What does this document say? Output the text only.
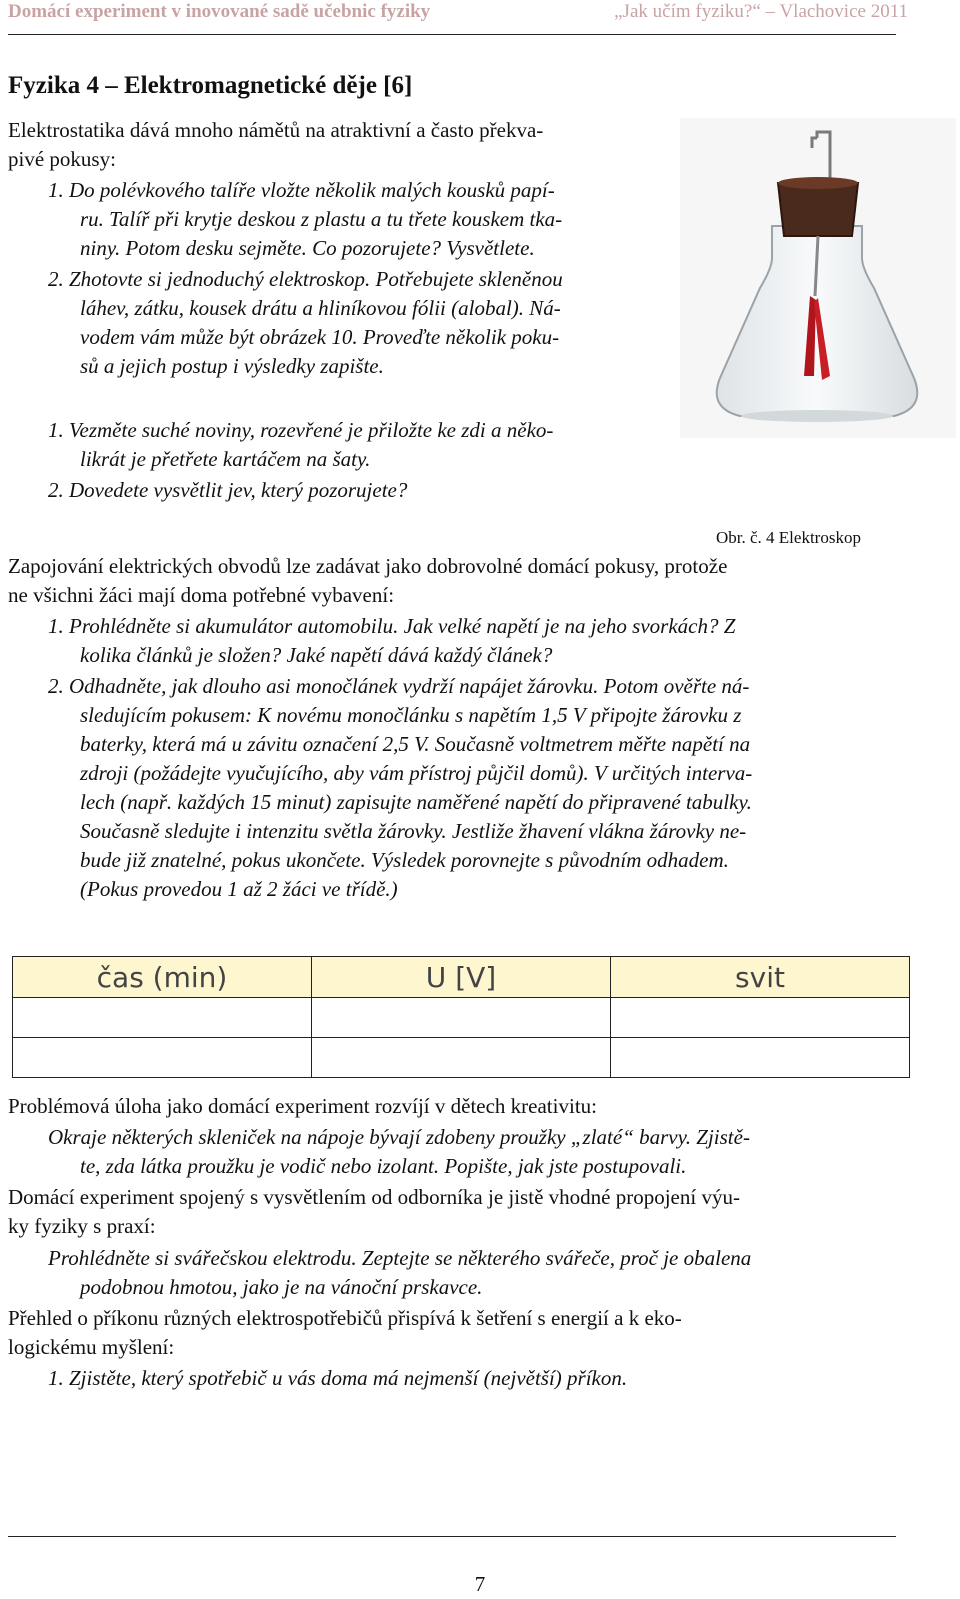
Domácí experiment v inovované sadě učebnic fyziky	„Jak učím fyziku?“ – Vlachovice 2011
Fyzika 4 – Elektromagnetické děje [6]
Elektrostatika dává mnoho námětů na atraktivní a často překva-
pivé pokusy:
1. Do polévkového talíře vložte několik malých kousků papí-
ru. Talíř při krytje deskou z plastu a tu třete kouskem tka-
niny. Potom desku sejměte. Co pozorujete? Vysvětlete.
2. Zhotovte si jednoduchý elektroskop. Potřebujete skleněnou
láhev, zátku, kousek drátu a hliníkovou fólii (alobal). Ná-
vodem vám může být obrázek 10. Proveďte několik poku-
sů a jejich postup i výsledky zapište.
1. Vezměte suché noviny, rozevřené je přiložte ke zdi a něko-
likrát je přetřete kartáčem na šaty.
2. Dovedete vysvětlit jev, který pozorujete?
Obr. č. 4 Elektroskop
Zapojování elektrických obvodů lze zadávat jako dobrovolné domácí pokusy, protože
ne všichni žáci mají doma potřebné vybavení:
1. Prohlédněte si akumulátor automobilu. Jak velké napětí je na jeho svorkách? Z
kolika článků je složen? Jaké napětí dává každý článek?
2. Odhadněte, jak dlouho asi monočlánek vydrží napájet žárovku. Potom ověřte ná-
sledujícím pokusem: K novému monočlánku s napětím 1,5 V připojte žárovku z
baterky, která má u závitu označení 2,5 V. Současně voltmetrem měřte napětí na
zdroji (požádejte vyučujícího, aby vám přístroj půjčil domů). V určitých interva-
lech (např. každých 15 minut) zapisujte naměřené napětí do připravené tabulky.
Současně sledujte i intenzitu světla žárovky. Jestliže žhavení vlákna žárovky ne-
bude již znatelné, pokus ukončete. Výsledek porovnejte s původním odhadem.
(Pokus provedou 1 až 2 žáci ve třídě.)
čas (min)	U [V]	svit

Problémová úloha jako domácí experiment rozvíjí v dětech kreativitu:
Okraje některých skleniček na nápoje bývají zdobeny proužky „zlaté“ barvy. Zjistě-
te, zda látka proužku je vodič nebo izolant. Popište, jak jste postupovali.
Domácí experiment spojený s vysvětlením od odborníka je jistě vhodné propojení výu-
ky fyziky s praxí:
Prohlédněte si svářečskou elektrodu. Zeptejte se některého svářeče, proč je obalena
podobnou hmotou, jako je na vánoční prskavce.
Přehled o příkonu různých elektrospotřebičů přispívá k šetření s energií a k eko-
logickému myšlení:
1. Zjistěte, který spotřebič u vás doma má nejmenší (největší) příkon.
7
